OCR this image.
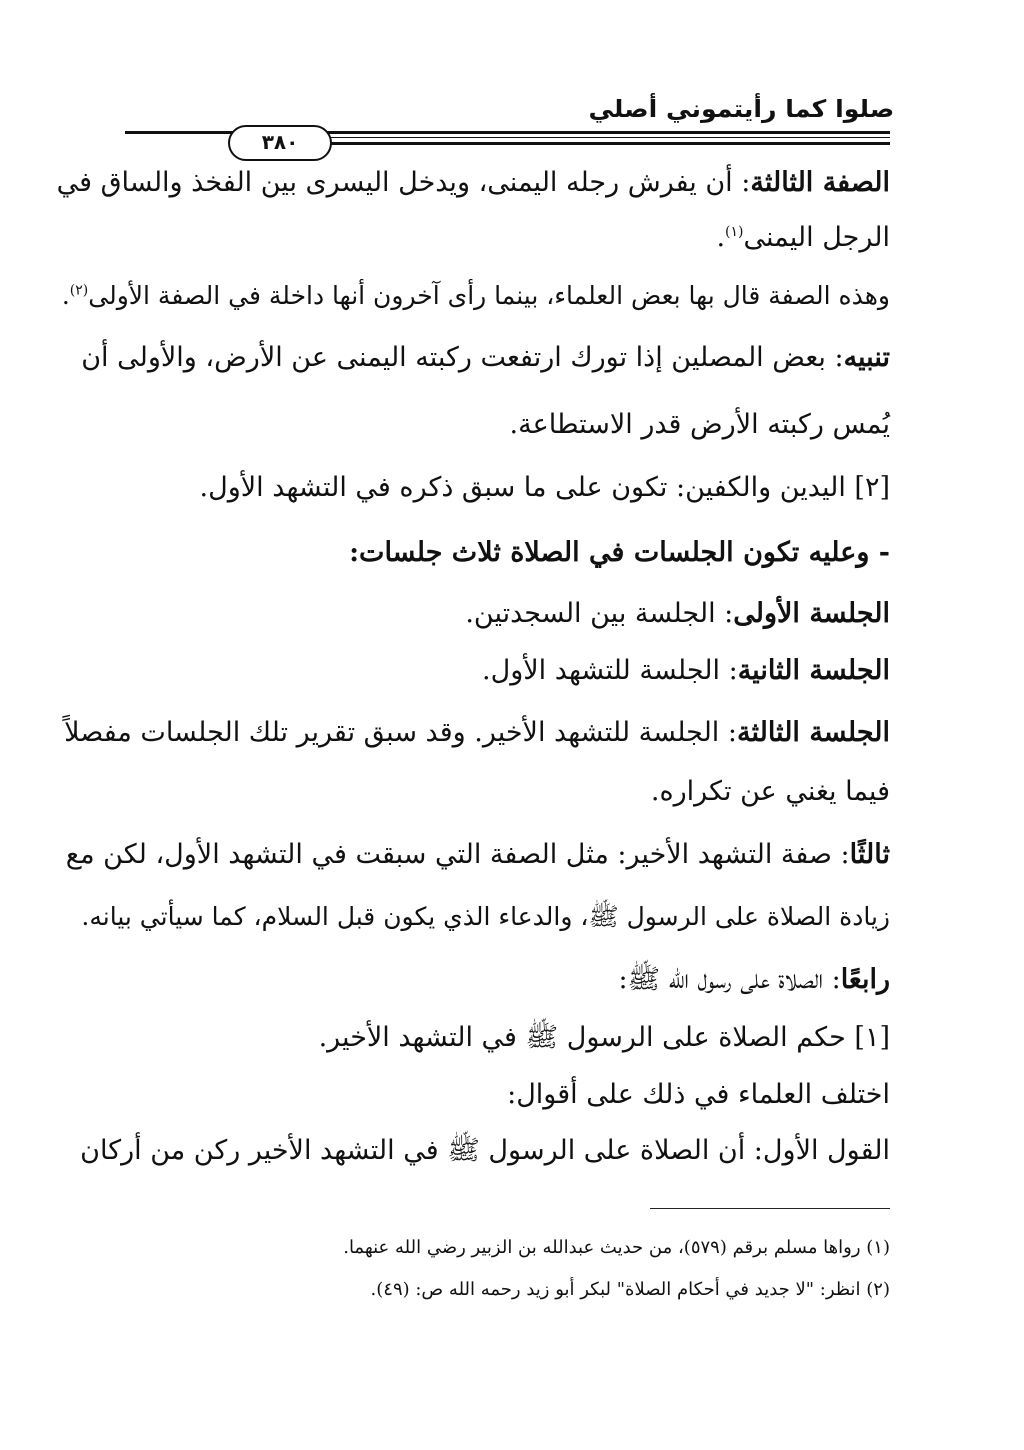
صلوا كما رأيتموني أصلي
٣٨٠
الصفة الثالثة: أن يفرش رجله اليمنى، ويدخل اليسرى بين الفخذ والساق في
الرجل اليمنى$^{(١)}$.
وهذه الصفة قال بها بعض العلماء، بينما رأى آخرون أنها داخلة في الصفة الأولى$^{(٢)}$.
تنبيه: بعض المصلين إذا تورك ارتفعت ركبته اليمنى عن الأرض، والأولى أن
يُمس ركبته الأرض قدر الاستطاعة.
[٢] اليدين والكفين: تكون على ما سبق ذكره في التشهد الأول.
- وعليه تكون الجلسات في الصلاة ثلاث جلسات:
الجلسة الأولى: الجلسة بين السجدتين.
الجلسة الثانية: الجلسة للتشهد الأول.
الجلسة الثالثة: الجلسة للتشهد الأخير. وقد سبق تقرير تلك الجلسات مفصلاً
فيما يغني عن تكراره.
ثالثًا: صفة التشهد الأخير: مثل الصفة التي سبقت في التشهد الأول، لكن مع
زيادة الصلاة على الرسول ﷺ، والدعاء الذي يكون قبل السلام، كما سيأتي بيانه.
رابعًا: الصلاة على رسول الله ﷺ:
[١] حكم الصلاة على الرسول ﷺ في التشهد الأخير.
اختلف العلماء في ذلك على أقوال:
القول الأول: أن الصلاة على الرسول ﷺ في التشهد الأخير ركن من أركان
(١) رواها مسلم برقم (٥٧٩)، من حديث عبدالله بن الزبير رضي الله عنهما.
(٢) انظر: "لا جديد في أحكام الصلاة" لبكر أبو زيد رحمه الله ص: (٤٩).
